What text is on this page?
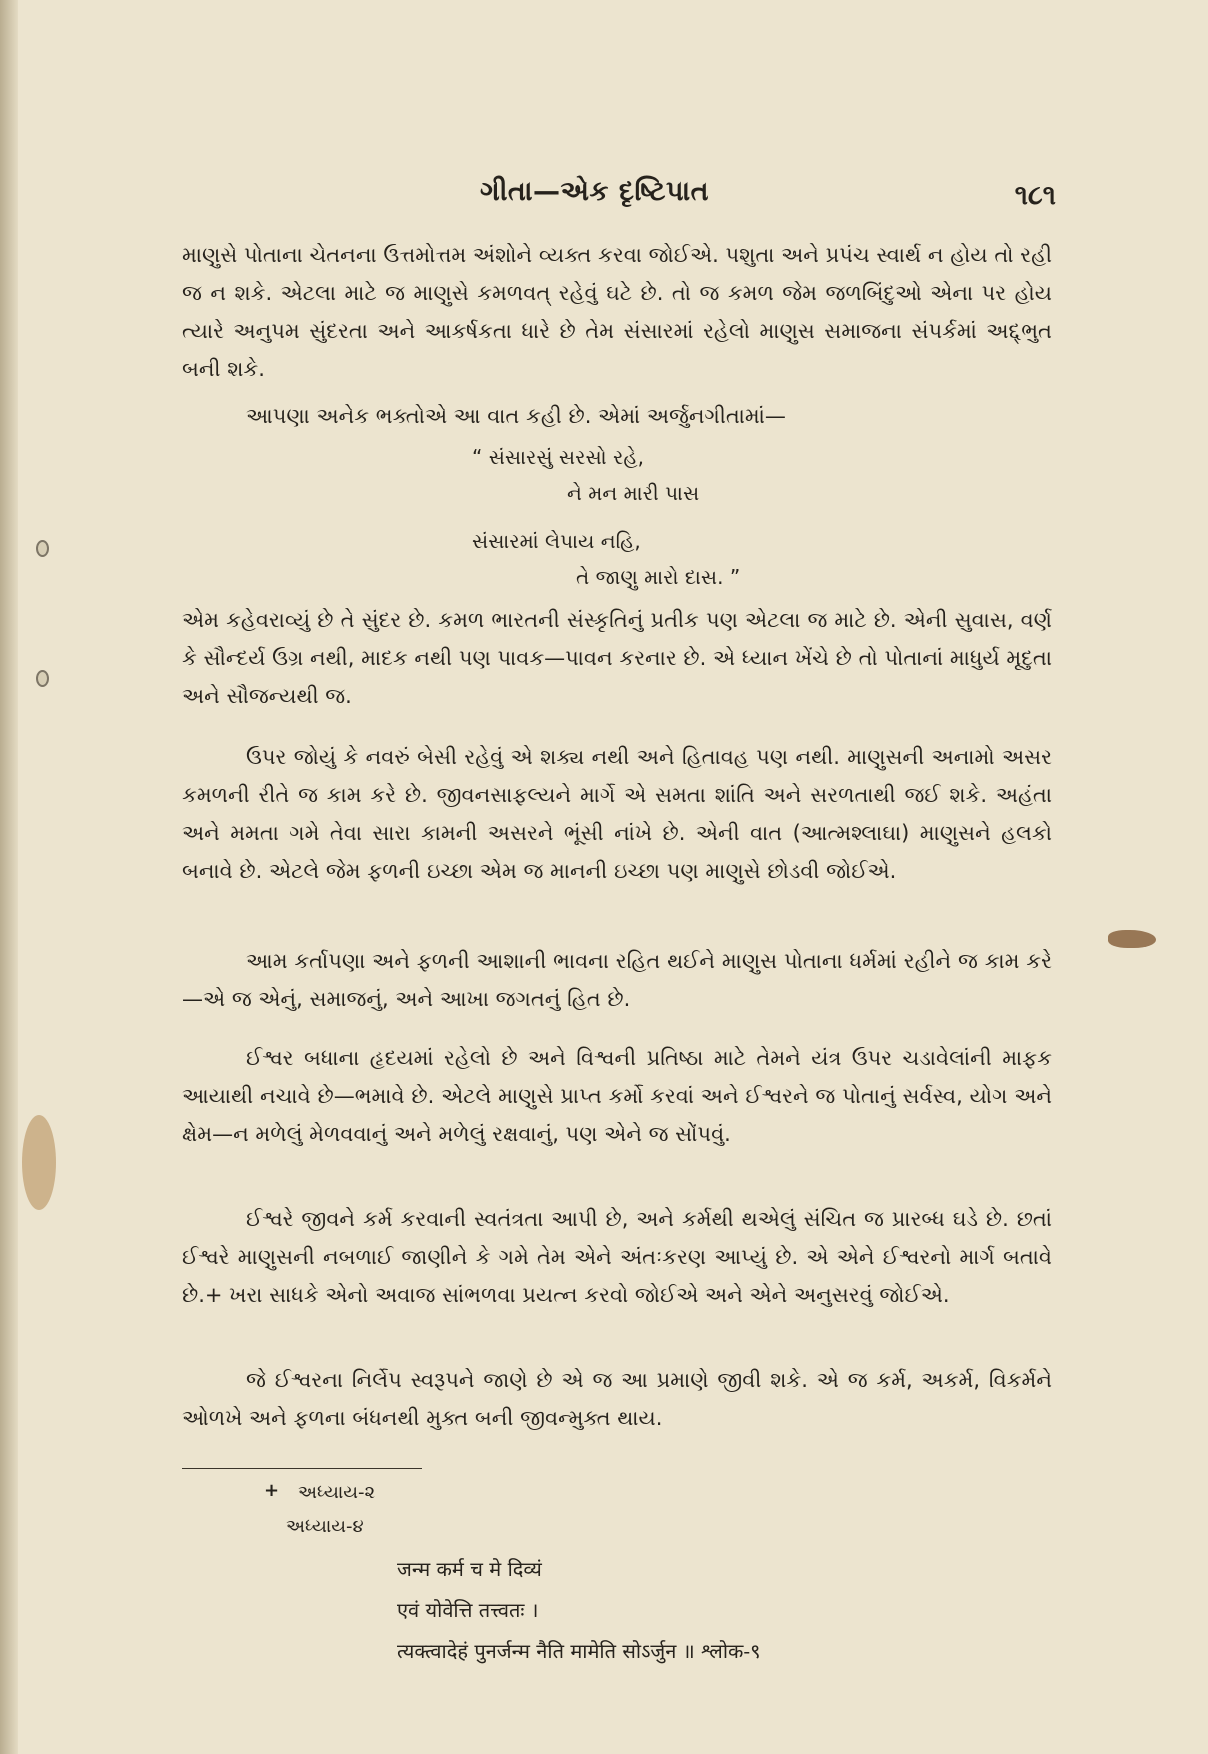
ગીતા—એક દૃષ્ટિપાત	૧૮૧

માણુસે પોતાના ચેતનના ઉત્તમોત્તમ અંશોને વ્યક્ત કરવા જોઈએ. પશુતા અને પ્રપંચ સ્વાર્થ ન હોય તો રહી જ ન શકે. એટલા માટે જ માણુસે કમળવત્ રહેવું ઘટે છે. તો જ કમળ જેમ જળબિંદુઓ એના પર હોય ત્યારે અનુપમ સુંદરતા અને આકર્ષકતા ધારે છે તેમ સંસારમાં રહેલો માણુસ સમાજના સંપર્કમાં અદ્દ્ભુત બની શકે.

આપણા અનેક ભક્તોએ આ વાત કહી છે. એમાં અર્જુનગીતામાં—

“ સંસારસું સરસો રહે,
ને મન મારી પાસ
સંસારમાં લેપાય નહિ,
તે જાણુ મારો દાસ. ”

એમ કહેવરાવ્યું છે તે સુંદર છે. કમળ ભારતની સંસ્કૃતિનું પ્રતીક પણ એટલા જ માટે છે. એની સુવાસ, વર્ણ કે સૌન્દર્ય ઉગ્ર નથી, માદક નથી પણ પાવક—પાવન કરનાર છે. એ ધ્યાન ખેંચે છે તો પોતાનાં માધુર્ય મૃદુતા અને સૌજન્યથી જ.

ઉપર જોયું કે નવરું બેસી રહેવું એ શક્ય નથી અને હિતાવહ પણ નથી. માણુસની અનામો અસર કમળની રીતે જ કામ કરે છે. જીવનસાફલ્યને માર્ગે એ સમતા શાંતિ અને સરળતાથી જઈ શકે. અહંતા અને મમતા ગમે તેવા સારા કામની અસરને ભૂંસી નાંખે છે. એની વાત (આત્મશ્લાઘા) માણુસને હલકો બનાવે છે. એટલે જેમ ફળની ઇચ્છા એમ જ માનની ઇચ્છા પણ માણુસે છોડવી જોઈએ.

આમ કર્તાપણા અને ફળની આશાની ભાવના રહિત થઈને માણુસ પોતાના ધર્મમાં રહીને જ કામ કરે—એ જ એનું, સમાજનું, અને આખા જગતનું હિત છે.

ઈશ્વર બધાના હૃદયમાં રહેલો છે અને વિશ્વની પ્રતિષ્ઠા માટે તેમને યંત્ર ઉપર ચડાવેલાંની માફક આયાથી નચાવે છે—ભમાવે છે. એટલે માણુસે પ્રાપ્ત કર્મો કરવાં અને ઈશ્વરને જ પોતાનું સર્વસ્વ, યોગ અને ક્ષેમ—ન મળેલું મેળવવાનું અને મળેલું રક્ષવાનું, પણ એને જ સોંપવું.

ઈશ્વરે જીવને કર્મ કરવાની સ્વતંત્રતા આપી છે, અને કર્મથી થએલું સંચિત જ પ્રારબ્ધ ઘડે છે. છતાં ઈશ્વરે માણુસની નબળાઈ જાણીને કે ગમે તેમ એને અંતઃકરણ આપ્યું છે. એ એને ઈશ્વરનો માર્ગ બતાવે છે.+ ખરા સાધકે એનો અવાજ સાંભળવા પ્રયત્ન કરવો જોઈએ અને એને અનુસરવું જોઈએ.

જે ઈશ્વરના નિર્લેપ સ્વરૂપને જાણે છે એ જ આ પ્રમાણે જીવી શકે. એ જ કર્મ, અકર્મ, વિકર્મને ઓળખે અને ફળના બંધનથી મુક્ત બની જીવન્મુક્ત થાય.

+ અધ્યાય-૨
અધ્યાય-૪
जन्म कर्म च मे दिव्यं
एवं योवेत्ति तत्त्वतः ।
त्यक्त्वादेहं पुनर्जन्म नैति मामेति सोऽर्जुन ॥ श्लोक-९
